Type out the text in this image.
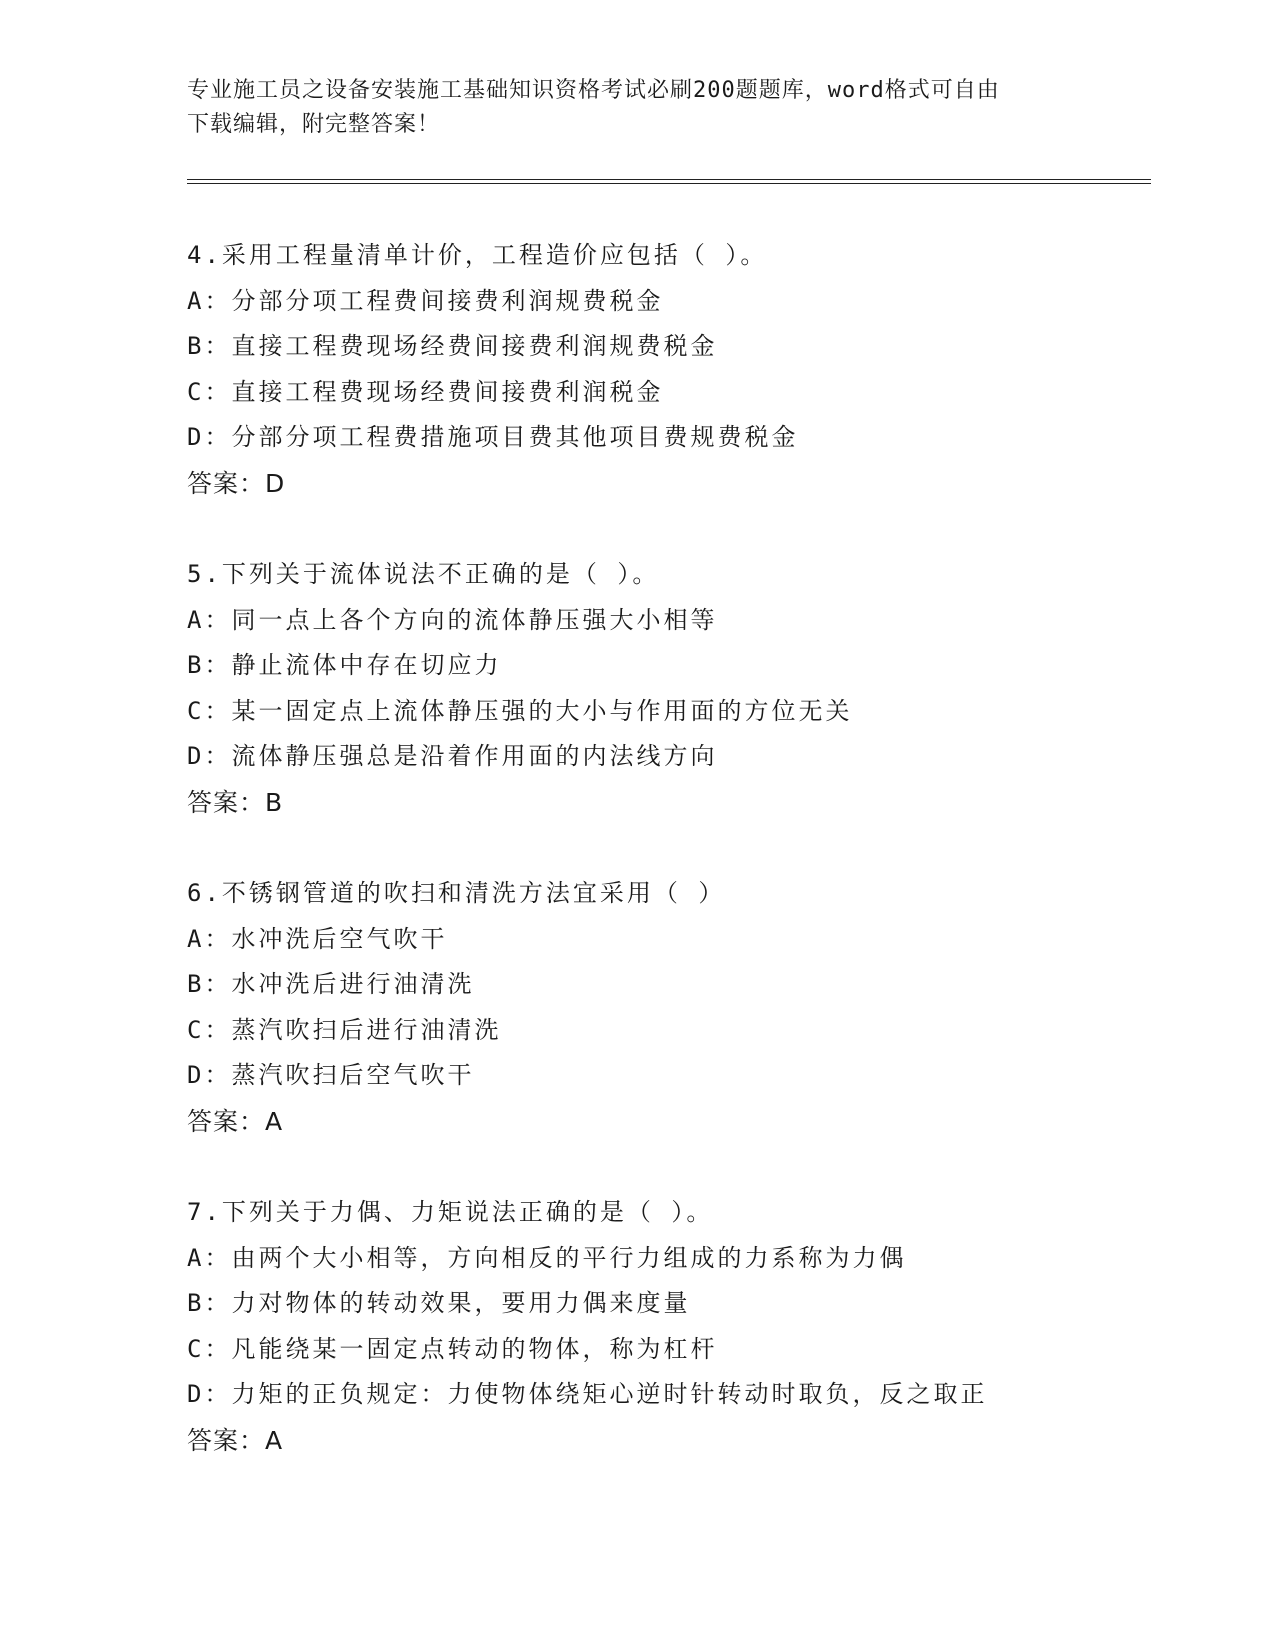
专业施工员之设备安装施工基础知识资格考试必刷200题题库，word格式可自由
下载编辑，附完整答案！
4.采用工程量清单计价，工程造价应包括（ ）。
A：分部分项工程费间接费利润规费税金
B：直接工程费现场经费间接费利润规费税金
C：直接工程费现场经费间接费利润税金
D：分部分项工程费措施项目费其他项目费规费税金
答案：D
5.下列关于流体说法不正确的是（ ）。
A：同一点上各个方向的流体静压强大小相等
B：静止流体中存在切应力
C：某一固定点上流体静压强的大小与作用面的方位无关
D：流体静压强总是沿着作用面的内法线方向
答案：B
6.不锈钢管道的吹扫和清洗方法宜采用（ ）
A：水冲洗后空气吹干
B：水冲洗后进行油清洗
C：蒸汽吹扫后进行油清洗
D：蒸汽吹扫后空气吹干
答案：A
7.下列关于力偶、力矩说法正确的是（ ）。
A：由两个大小相等，方向相反的平行力组成的力系称为力偶
B：力对物体的转动效果，要用力偶来度量
C：凡能绕某一固定点转动的物体，称为杠杆
D：力矩的正负规定：力使物体绕矩心逆时针转动时取负，反之取正
答案：A
